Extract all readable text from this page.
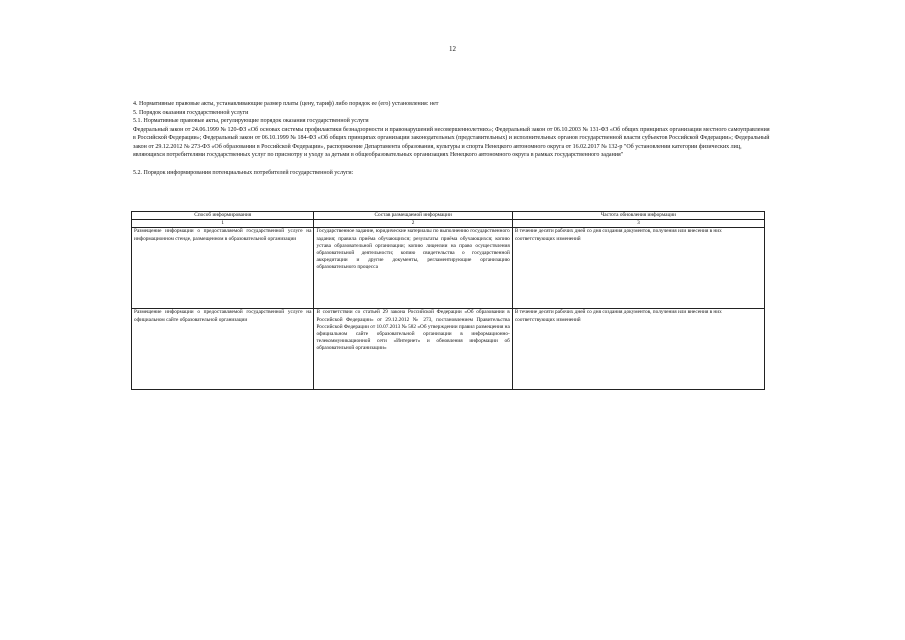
12

4. Нормативные правовые акты, устанавливающие размер платы (цену, тариф) либо порядок ее (его) установления: нет

5. Порядок оказания государственной услуги

5.1. Нормативные правовые акты, регулирующие порядок оказания государственной услуги

Федеральный закон от 24.06.1999 № 120-ФЗ «Об основах системы профилактики безнадзорности и правонарушений несовершеннолетних»; Федеральный закон от 06.10.2003 № 131-ФЗ «Об общих принципах организации местного самоуправления в Российской Федерации»; Федеральный закон от 06.10.1999 № 184-ФЗ «Об общих принципах организации законодательных (представительных) и исполнительных органов государственной власти субъектов Российской Федерации»; Федеральный закон от 29.12.2012 № 273-ФЗ «Об образовании в Российской Федерации», распоряжение Департамента образования, культуры и спорта Ненецкого автономного округа от 16.02.2017 № 132-р "Об установлении категории физических лиц, являющихся потребителями государственных услуг по присмотру и уходу за детьми в общеобразовательных организациях Ненецкого автономного округа в рамках государственного задания"

5.2. Порядок информирования потенциальных потребителей государственной услуги:

Способ информирования	Состав размещаемой информации	Частота обновления информации
1	2	3
Размещение информации о предоставляемой государственной услуге на информационном стенде, размещенном в образовательной организации	Государственное задание, юридические материалы по выполнению государственного задания; правила приёма обучающихся; результаты приёма обучающихся; копию устава образовательной организации; копию лицензии на право осуществления образовательной деятельности; копию свидетельства о государственной аккредитации и другие документы, регламентирующие организацию образовательного процесса	В течение десяти рабочих дней со дня создания документов, получения или внесения в них соответствующих изменений
Размещение информации о предоставляемой государственной услуге на официальном сайте образовательной организации	В соответствии со статьей 29 закона Российской Федерации «Об образовании в Российской Федерации» от 29.12.2012 № 273, постановлением Правительства Российской Федерации от 10.07.2013 № 582 «Об утверждении правил размещения на официальном сайте образовательной организации в информационно-телекоммуникационной сети «Интернет» и обновления информации об образовательной организации»	В течение десяти рабочих дней со дня создания документов, получения или внесения в них соответствующих изменений
